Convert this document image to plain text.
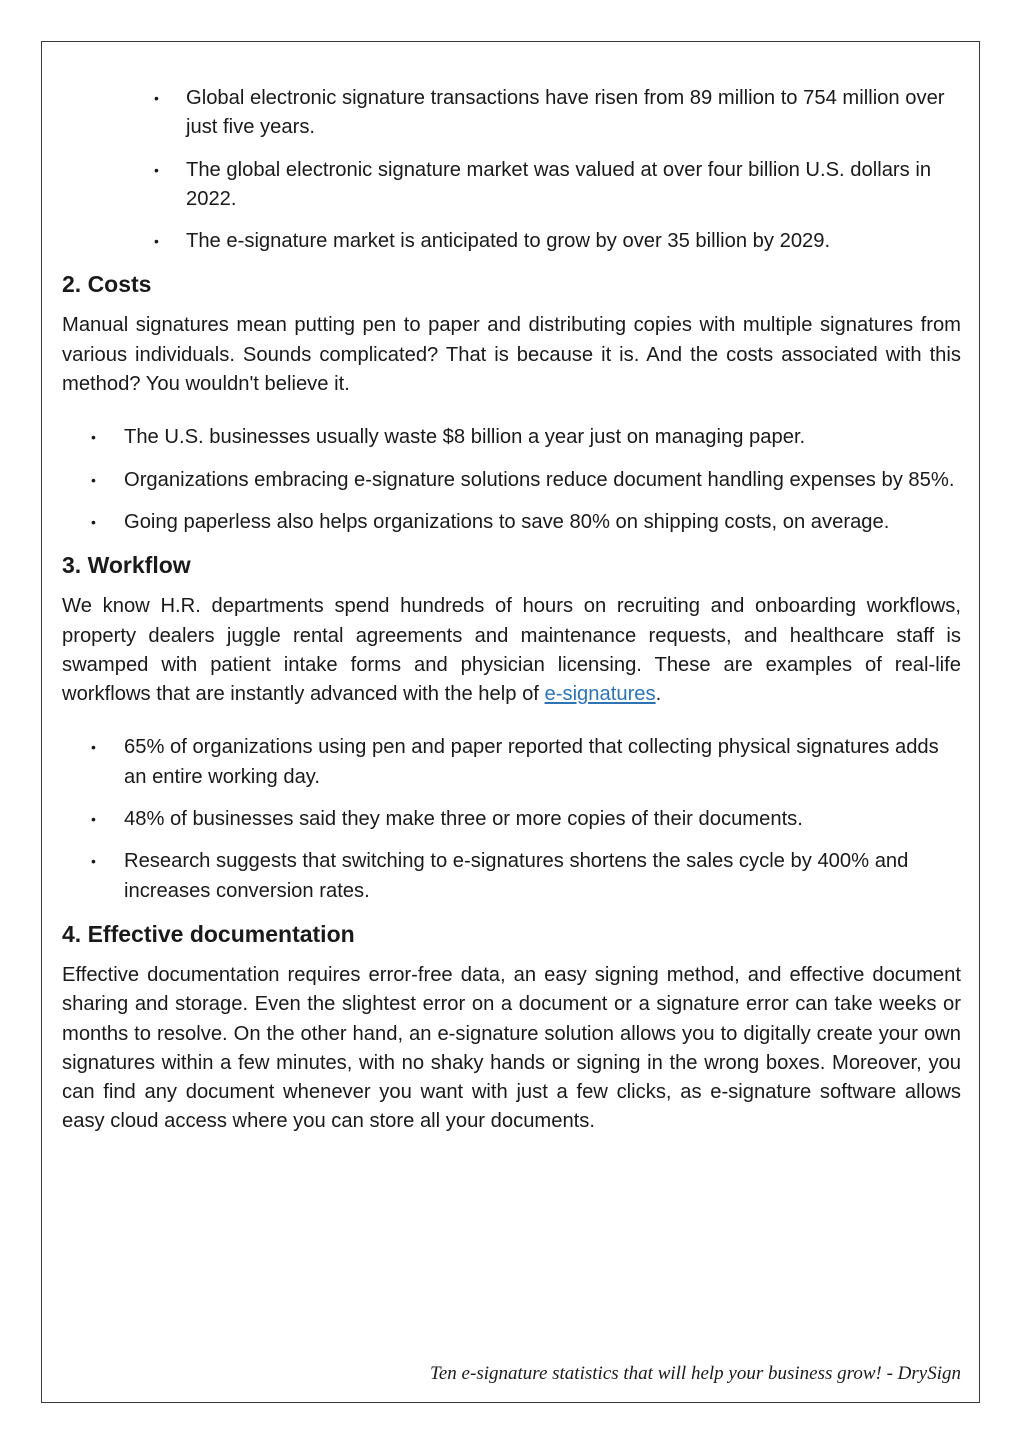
• Global electronic signature transactions have risen from 89 million to 754 million over just five years.
• The global electronic signature market was valued at over four billion U.S. dollars in 2022.
• The e-signature market is anticipated to grow by over 35 billion by 2029.
2. Costs

Manual signatures mean putting pen to paper and distributing copies with multiple signatures from various individuals. Sounds complicated? That is because it is. And the costs associated with this method? You wouldn't believe it.

• The U.S. businesses usually waste $8 billion a year just on managing paper.
• Organizations embracing e-signature solutions reduce document handling expenses by 85%.
• Going paperless also helps organizations to save 80% on shipping costs, on average.
3. Workflow

We know H.R. departments spend hundreds of hours on recruiting and onboarding workflows, property dealers juggle rental agreements and maintenance requests, and healthcare staff is swamped with patient intake forms and physician licensing. These are examples of real-life workflows that are instantly advanced with the help of e-signatures.

• 65% of organizations using pen and paper reported that collecting physical signatures adds an entire working day.
• 48% of businesses said they make three or more copies of their documents.
• Research suggests that switching to e-signatures shortens the sales cycle by 400% and increases conversion rates.
4. Effective documentation

Effective documentation requires error-free data, an easy signing method, and effective document sharing and storage. Even the slightest error on a document or a signature error can take weeks or months to resolve. On the other hand, an e-signature solution allows you to digitally create your own signatures within a few minutes, with no shaky hands or signing in the wrong boxes. Moreover, you can find any document whenever you want with just a few clicks, as e-signature software allows easy cloud access where you can store all your documents.

Ten e-signature statistics that will help your business grow! - DrySign
